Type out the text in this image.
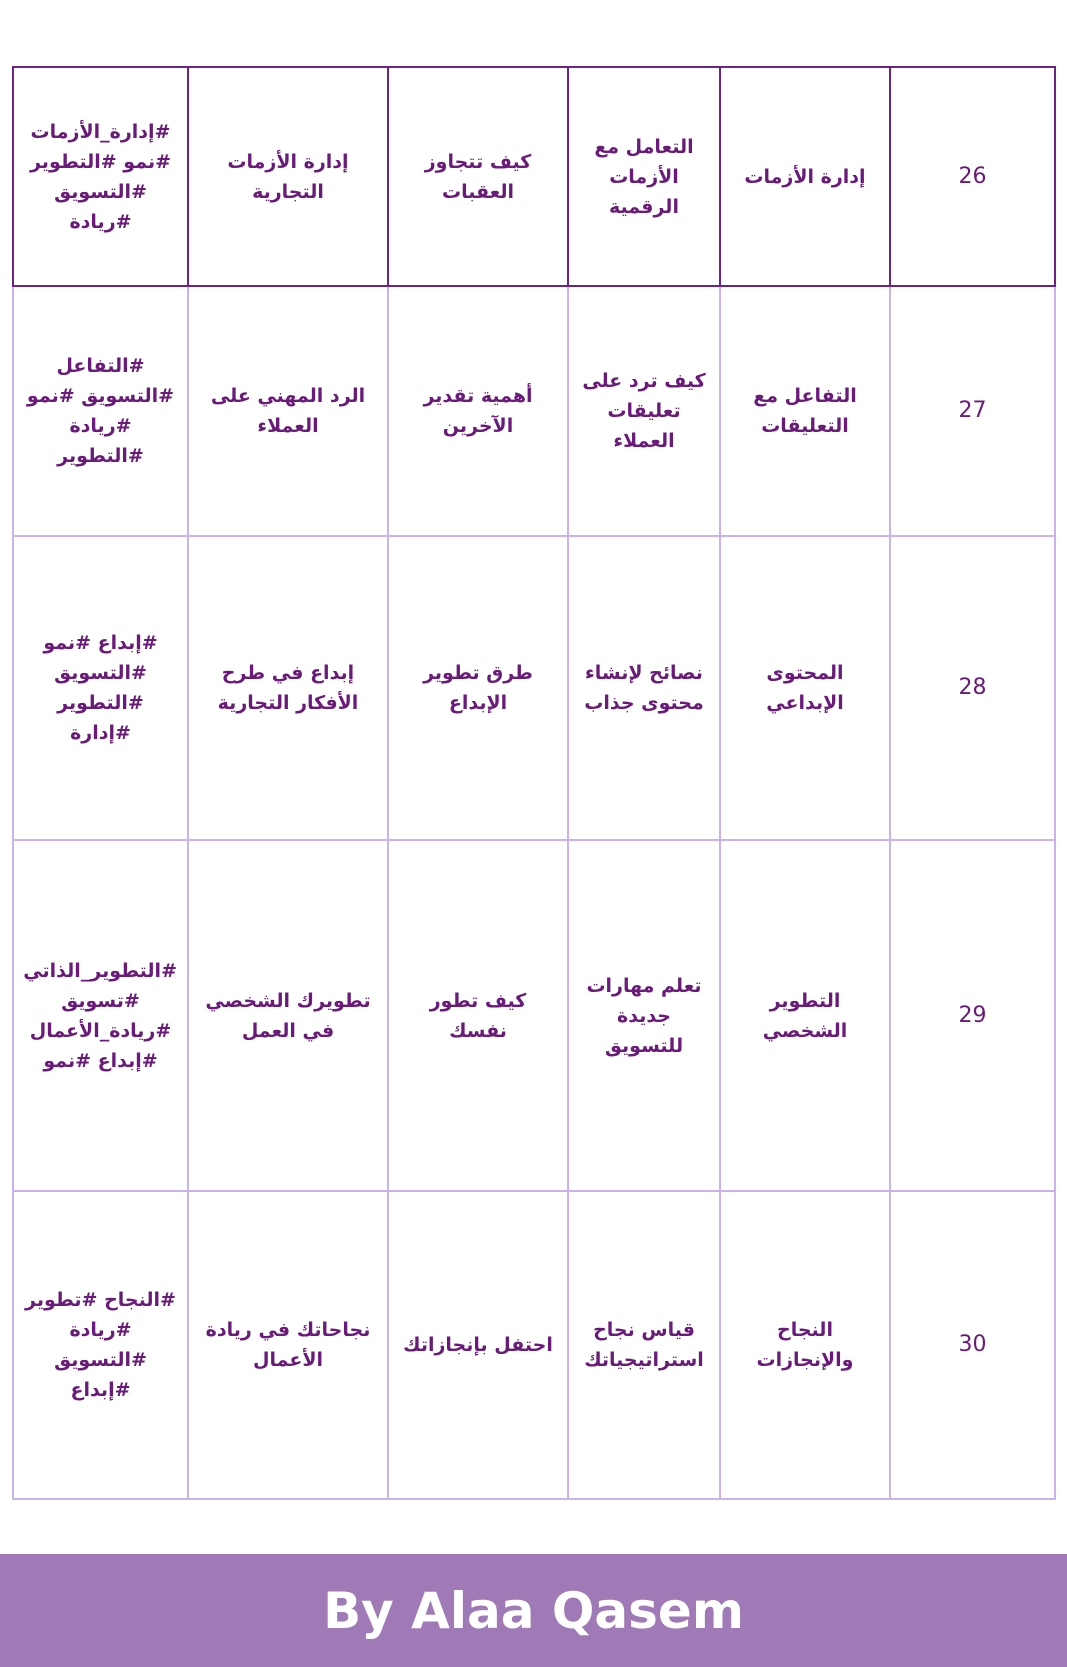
#إدارة_الأزمات #نمو #التطوير #التسويق #ريادة	إدارة الأزمات التجارية	كيف تتجاوز العقبات	التعامل مع الأزمات الرقمية	إدارة الأزمات	26
#التفاعل #التسويق #نمو #ريادة #التطوير	الرد المهني على العملاء	أهمية تقدير الآخرين	كيف ترد على تعليقات العملاء	التفاعل مع التعليقات	27
#إبداع #نمو #التسويق #التطوير #إدارة	إبداع في طرح الأفكار التجارية	طرق تطوير الإبداع	نصائح لإنشاء محتوى جذاب	المحتوى الإبداعي	28
#التطوير_الذاتي #تسويق #ريادة_الأعمال #إبداع #نمو	تطويرك الشخصي في العمل	كيف تطور نفسك	تعلم مهارات جديدة للتسويق	التطوير الشخصي	29
#النجاح #تطوير #ريادة #التسويق #إبداع	نجاحاتك في ريادة الأعمال	احتفل بإنجازاتك	قياس نجاح استراتيجياتك	النجاح والإنجازات	30
By Alaa Qasem
